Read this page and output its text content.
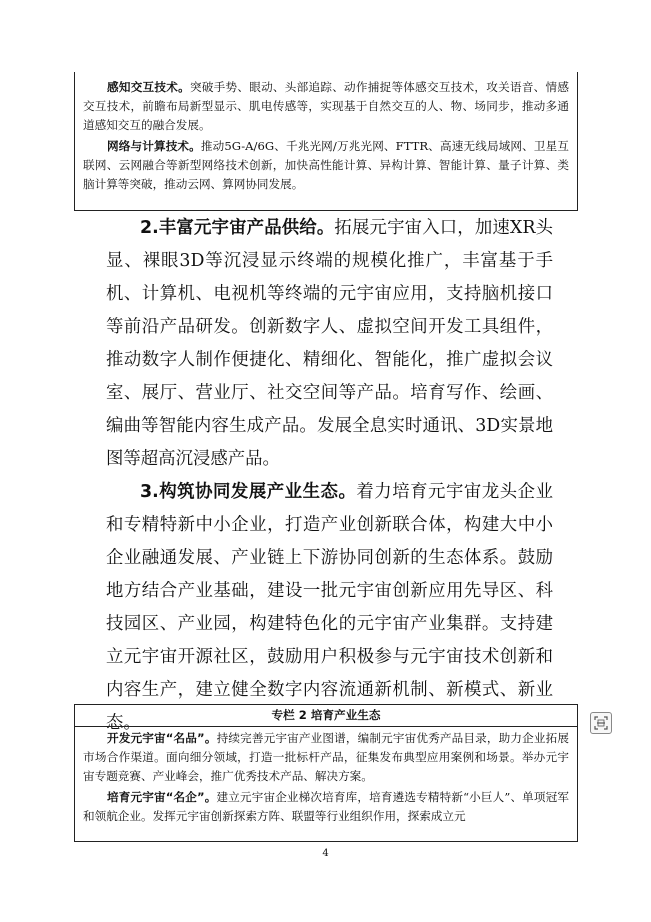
感知交互技术。突破手势、眼动、头部追踪、动作捕捉等体感交互技术，攻关语音、情感交互技术，前瞻布局新型显示、肌电传感等，实现基于自然交互的人、物、场同步，推动多通道感知交互的融合发展。

网络与计算技术。推动5G-A/6G、千兆光网/万兆光网、FTTR、高速无线局域网、卫星互联网、云网融合等新型网络技术创新，加快高性能计算、异构计算、智能计算、量子计算、类脑计算等突破，推动云网、算网协同发展。

2.丰富元宇宙产品供给。拓展元宇宙入口，加速XR头显、裸眼3D等沉浸显示终端的规模化推广，丰富基于手机、计算机、电视机等终端的元宇宙应用，支持脑机接口等前沿产品研发。创新数字人、虚拟空间开发工具组件，推动数字人制作便捷化、精细化、智能化，推广虚拟会议室、展厅、营业厅、社交空间等产品。培育写作、绘画、编曲等智能内容生成产品。发展全息实时通讯、3D实景地图等超高沉浸感产品。

3.构筑协同发展产业生态。着力培育元宇宙龙头企业和专精特新中小企业，打造产业创新联合体，构建大中小企业融通发展、产业链上下游协同创新的生态体系。鼓励地方结合产业基础，建设一批元宇宙创新应用先导区、科技园区、产业园，构建特色化的元宇宙产业集群。支持建立元宇宙开源社区，鼓励用户积极参与元宇宙技术创新和内容生产，建立健全数字内容流通新机制、新模式、新业态。	专栏 2 培育产业生态

开发元宇宙“名品”。持续完善元宇宙产业图谱，编制元宇宙优秀产品目录，助力企业拓展市场合作渠道。面向细分领域，打造一批标杆产品，征集发布典型应用案例和场景。举办元宇宙专题竞赛、产业峰会，推广优秀技术产品、解决方案。

培育元宇宙“名企”。建立元宇宙企业梯次培育库，培育遴选专精特新“小巨人”、单项冠军和领航企业。发挥元宇宙创新探索方阵、联盟等行业组织作用，探索成立元

4
